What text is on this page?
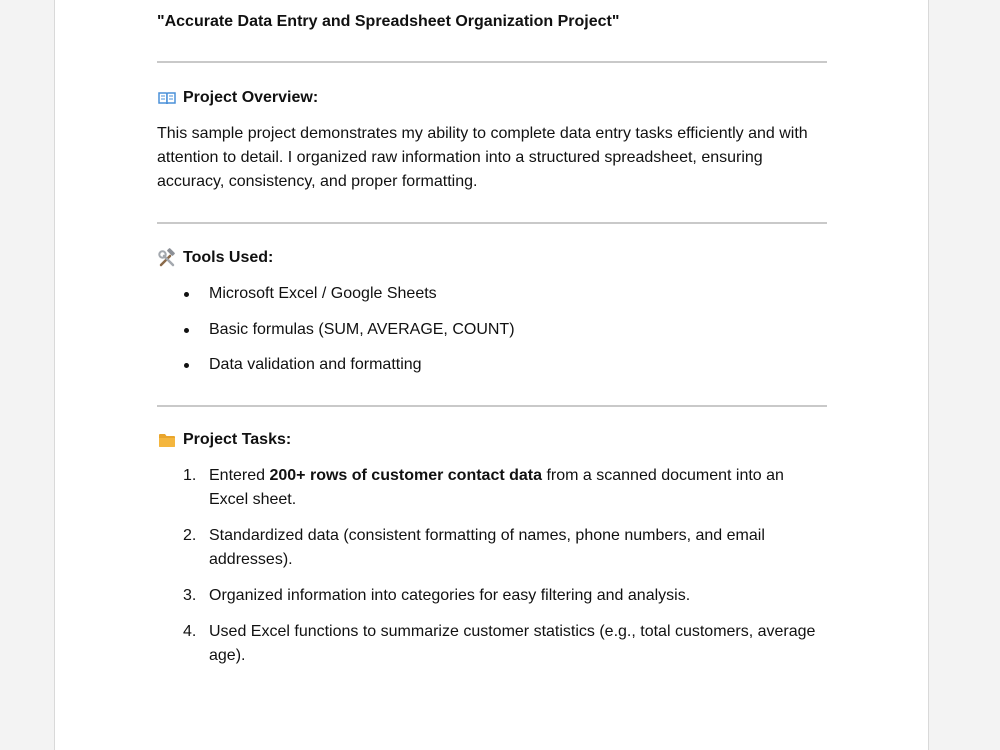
"Accurate Data Entry and Spreadsheet Organization Project"

Project Overview:

This sample project demonstrates my ability to complete data entry tasks efficiently and with attention to detail. I organized raw information into a structured spreadsheet, ensuring accuracy, consistency, and proper formatting.

Tools Used:
Microsoft Excel / Google Sheets
Basic formulas (SUM, AVERAGE, COUNT)
Data validation and formatting
Project Tasks:
1. Entered 200+ rows of customer contact data from a scanned document into an Excel sheet.
2. Standardized data (consistent formatting of names, phone numbers, and email addresses).
3. Organized information into categories for easy filtering and analysis.
4. Used Excel functions to summarize customer statistics (e.g., total customers, average age).
